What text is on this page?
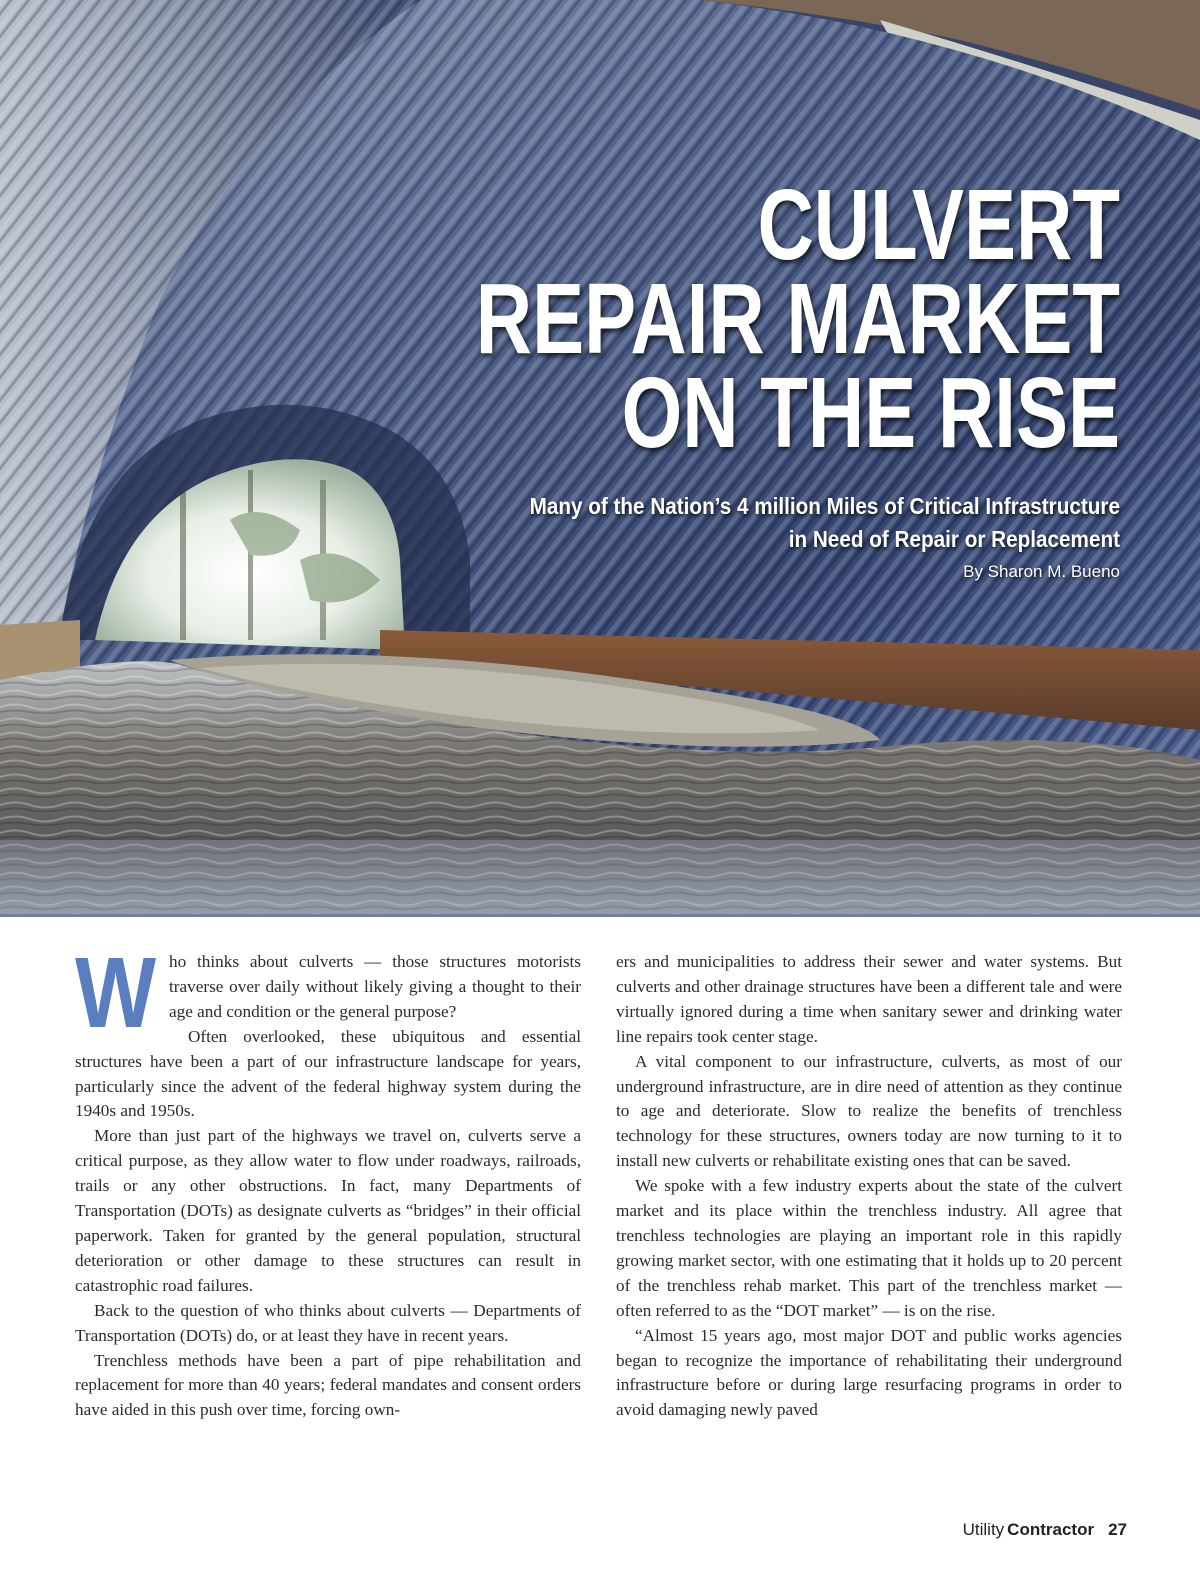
CULVERT
REPAIR MARKET
ON THE RISE
Many of the Nation’s 4 million Miles of Critical Infrastructure
in Need of Repair or Replacement
By Sharon M. Bueno

Who thinks about culverts — those structures motorists traverse over daily without likely giving a thought to their age and condition or the general purpose?

Often overlooked, these ubiquitous and essential structures have been a part of our infrastructure landscape for years, particularly since the advent of the federal highway system during the 1940s and 1950s.

More than just part of the highways we travel on, culverts serve a critical purpose, as they allow water to flow under roadways, railroads, trails or any other obstructions. In fact, many Departments of Transportation (DOTs) as designate culverts as “bridges” in their official paperwork. Taken for granted by the general population, structural deterioration or other damage to these structures can result in catastrophic road failures.

Back to the question of who thinks about culverts — Departments of Transportation (DOTs) do, or at least they have in recent years.

Trenchless methods have been a part of pipe rehabilitation and replacement for more than 40 years; federal mandates and consent orders have aided in this push over time, forcing own-

ers and municipalities to address their sewer and water systems. But culverts and other drainage structures have been a different tale and were virtually ignored during a time when sanitary sewer and drinking water line repairs took center stage.

A vital component to our infrastructure, culverts, as most of our underground infrastructure, are in dire need of attention as they continue to age and deteriorate. Slow to realize the benefits of trenchless technology for these structures, owners today are now turning to it to install new culverts or rehabilitate existing ones that can be saved.

We spoke with a few industry experts about the state of the culvert market and its place within the trenchless industry. All agree that trenchless technologies are playing an important role in this rapidly growing market sector, with one estimating that it holds up to 20 percent of the trenchless rehab market. This part of the trenchless market — often referred to as the “DOT market” — is on the rise.

“Almost 15 years ago, most major DOT and public works agencies began to recognize the importance of rehabilitating their underground infrastructure before or during large resurfacing programs in order to avoid damaging newly paved

Utility Contractor 27
